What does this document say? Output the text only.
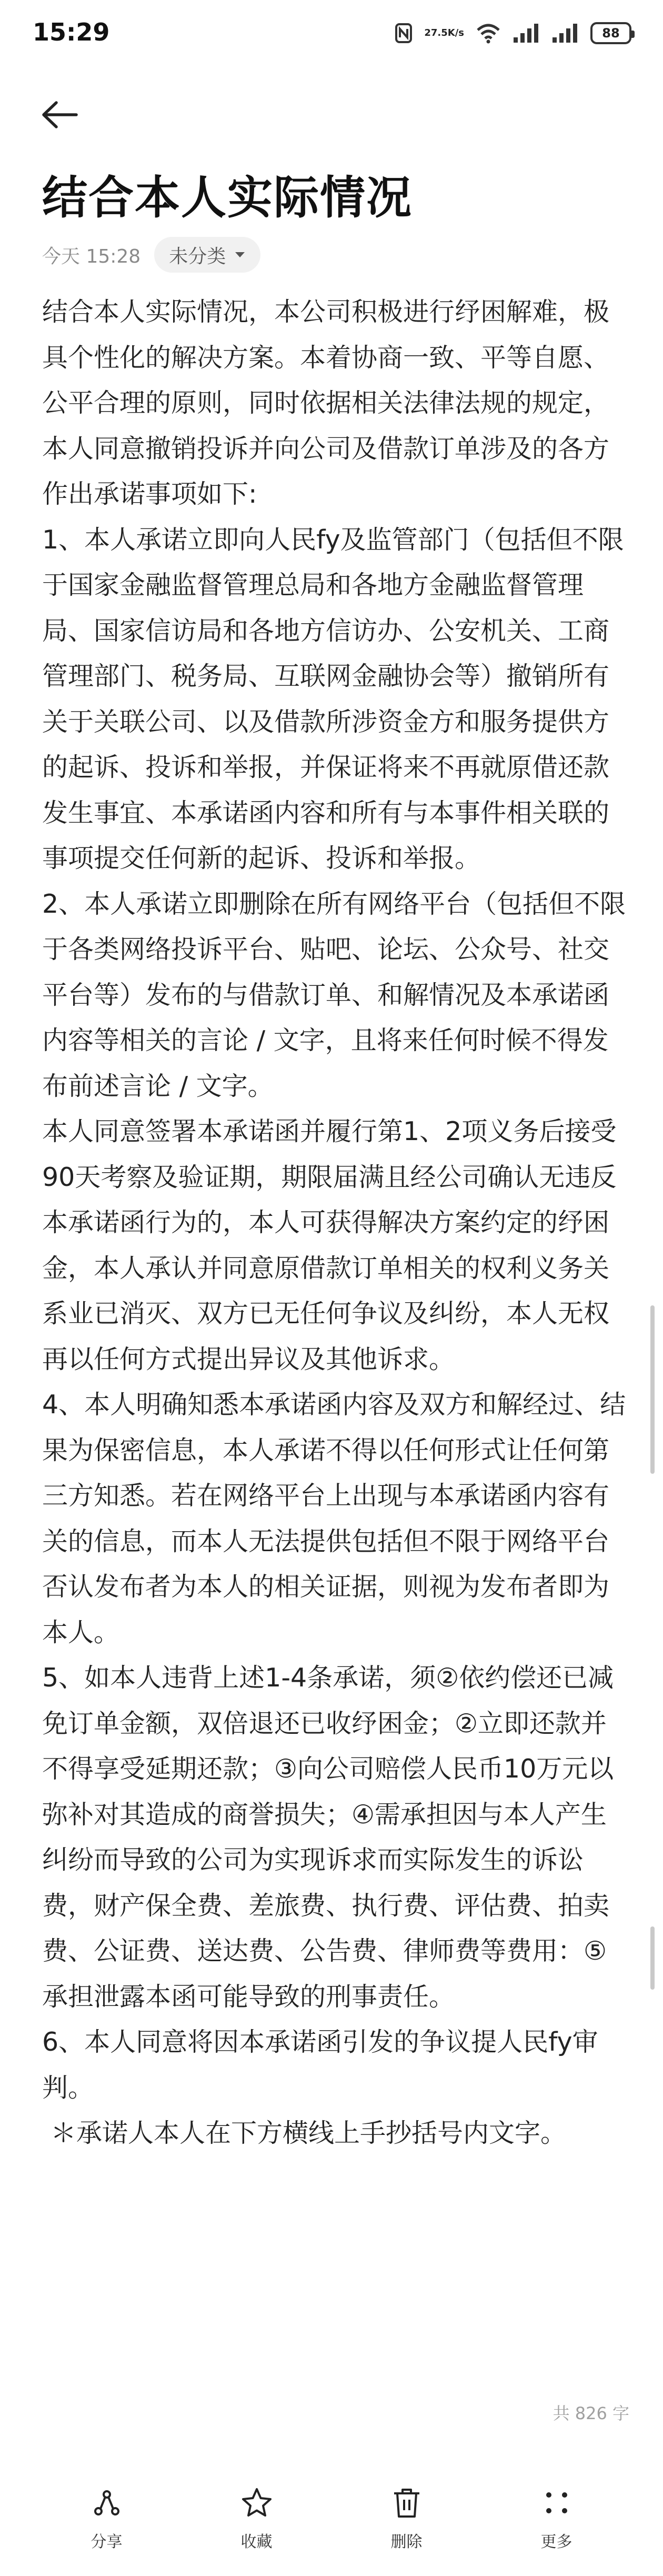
15:29	27.5 K/s	88
结合本人实际情况
今天 15:28 未分类

结合本人实际情况，本公司积极进行纾困解难，极具个性化的解决方案。本着协商一致、平等自愿、公平合理的原则，同时依据相关法律法规的规定，本人同意撤销投诉并向公司及借款订单涉及的各方作出承诺事项如下:

1、本人承诺立即向人民fy及监管部门（包括但不限于国家金融监督管理总局和各地方金融监督管理局、国家信访局和各地方信访办、公安机关、工商管理部门、税务局、互联网金融协会等）撤销所有关于关联公司、以及借款所涉资金方和服务提供方的起诉、投诉和举报，并保证将来不再就原借还款发生事宜、本承诺函内容和所有与本事件相关联的事项提交任何新的起诉、投诉和举报。

2、本人承诺立即删除在所有网络平台（包括但不限于各类网络投诉平台、贴吧、论坛、公众号、社交平台等）发布的与借款订单、和解情况及本承诺函内容等相关的言论 / 文字，且将来任何时候不得发布前述言论 / 文字。

本人同意签署本承诺函并履行第1、2项义务后接受90天考察及验证期，期限届满且经公司确认无违反本承诺函行为的，本人可获得解决方案约定的纾困金，本人承认并同意原借款订单相关的权利义务关系业已消灭、双方已无任何争议及纠纷，本人无权再以任何方式提出异议及其他诉求。

4、本人明确知悉本承诺函内容及双方和解经过、结果为保密信息，本人承诺不得以任何形式让任何第三方知悉。若在网络平台上出现与本承诺函内容有关的信息，而本人无法提供包括但不限于网络平台否认发布者为本人的相关证据，则视为发布者即为本人。

5、如本人违背上述1-4条承诺，须②依约偿还已减免订单金额，双倍退还已收纾困金；②立即还款并不得享受延期还款；③向公司赔偿人民币10万元以弥补对其造成的商誉损失；④需承担因与本人产生纠纷而导致的公司为实现诉求而实际发生的诉讼费，财产保全费、差旅费、执行费、评估费、拍卖费、公证费、送达费、公告费、律师费等费用：⑤承担泄露本函可能导致的刑事责任。

6、本人同意将因本承诺函引发的争议提人民fy审判。

＊承诺人本人在下方横线上手抄括号内文字。

共 826 字
分享	收藏	删除	更多
